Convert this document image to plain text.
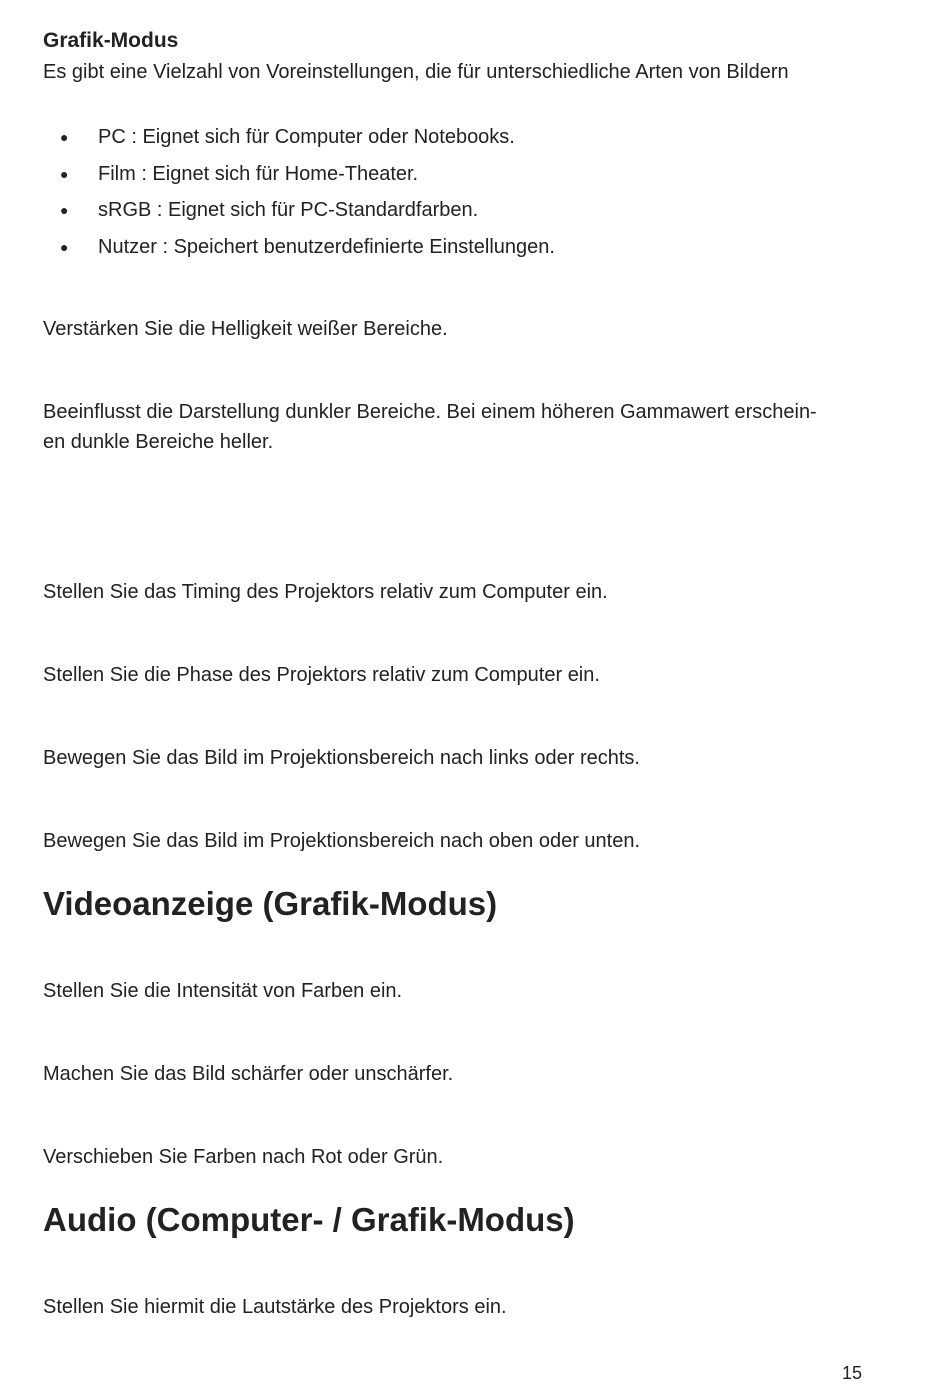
Grafik-Modus

Es gibt eine Vielzahl von Voreinstellungen, die für unterschiedliche Arten von Bildern

● PC : Eignet sich für Computer oder Notebooks.
● Film : Eignet sich für Home-Theater.
● sRGB : Eignet sich für PC-Standardfarben.
● Nutzer : Speichert benutzerdefinierte Einstellungen.

Verstärken Sie die Helligkeit weißer Bereiche.

Beeinflusst die Darstellung dunkler Bereiche. Bei einem höheren Gammawert erschein-

en dunkle Bereiche heller.

Stellen Sie das Timing des Projektors relativ zum Computer ein.

Stellen Sie die Phase des Projektors relativ zum Computer ein.

Bewegen Sie das Bild im Projektionsbereich nach links oder rechts.

Bewegen Sie das Bild im Projektionsbereich nach oben oder unten.

Videoanzeige (Grafik-Modus)

Stellen Sie die Intensität von Farben ein.

Machen Sie das Bild schärfer oder unschärfer.

Verschieben Sie Farben nach Rot oder Grün.

Audio (Computer- / Grafik-Modus)

Stellen Sie hiermit die Lautstärke des Projektors ein.

15
